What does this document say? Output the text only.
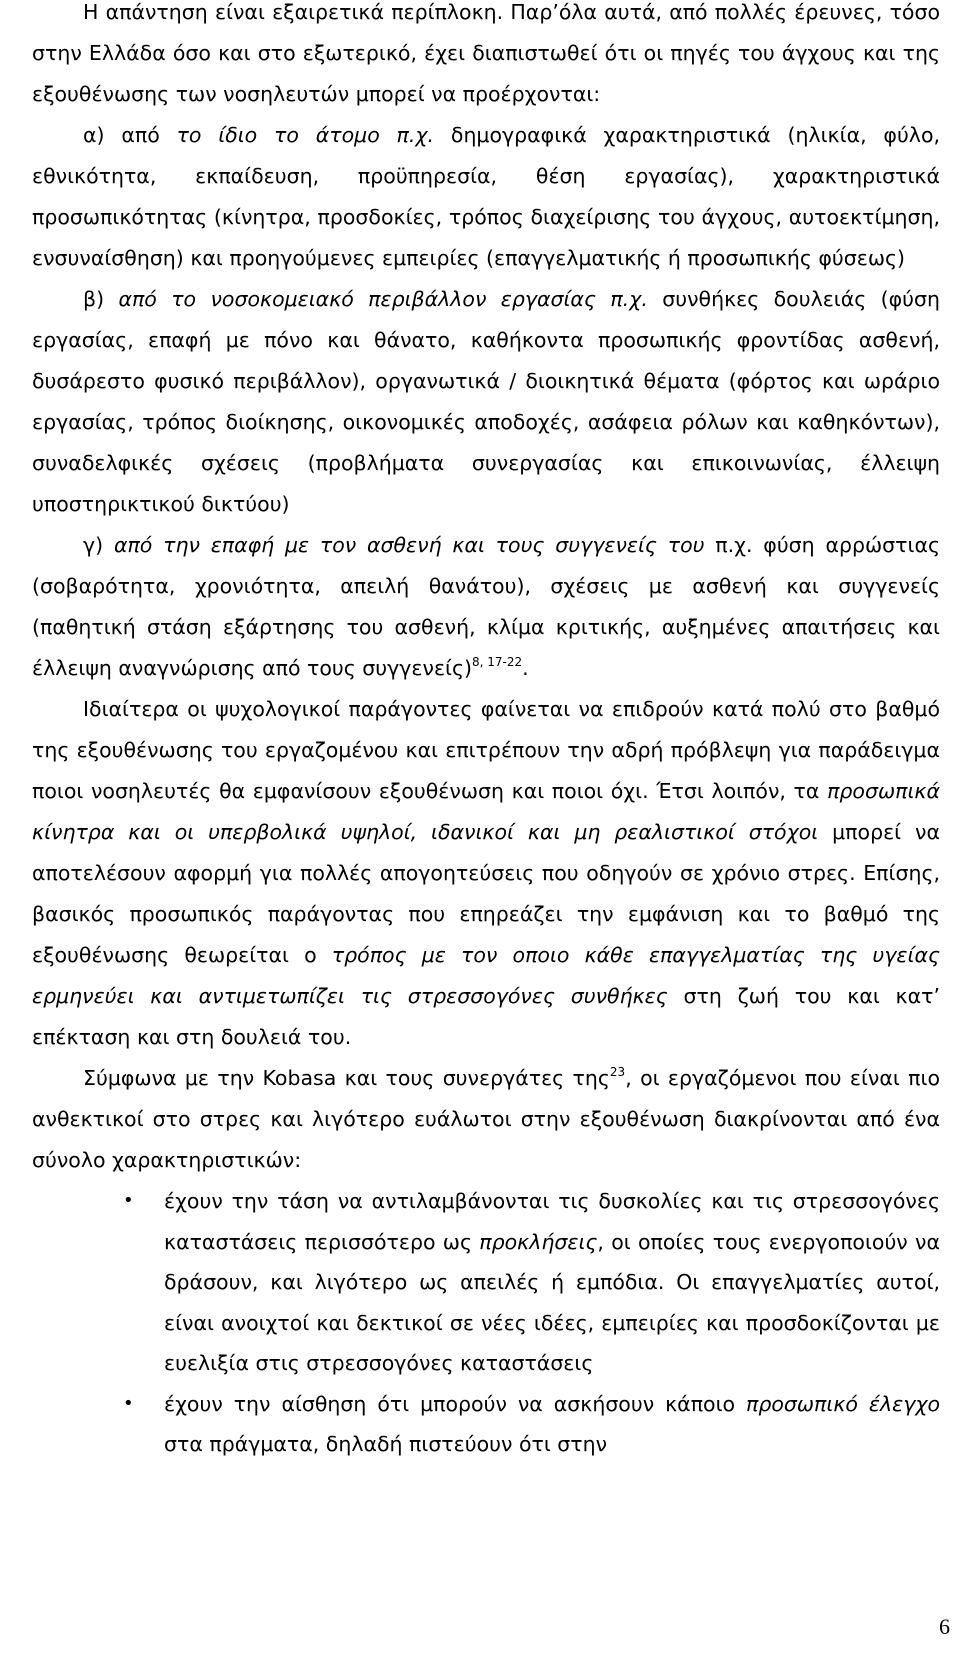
Η απάντηση είναι εξαιρετικά περίπλοκη. Παρ’όλα αυτά, από πολλές έρευνες, τόσο στην Ελλάδα όσο και στο εξωτερικό, έχει διαπιστωθεί ότι οι πηγές του άγχους και της εξουθένωσης των νοσηλευτών μπορεί να προέρχονται:

α) από το ίδιο το άτομο π.χ. δημογραφικά χαρακτηριστικά (ηλικία, φύλο, εθνικότητα, εκπαίδευση, προϋπηρεσία, θέση εργασίας), χαρακτηριστικά προσωπικότητας (κίνητρα, προσδοκίες, τρόπος διαχείρισης του άγχους, αυτοεκτίμηση, ενσυναίσθηση) και προηγούμενες εμπειρίες (επαγγελματικής ή προσωπικής φύσεως)

β) από το νοσοκομειακό περιβάλλον εργασίας π.χ. συνθήκες δουλειάς (φύση εργασίας, επαφή με πόνο και θάνατο, καθήκοντα προσωπικής φροντίδας ασθενή, δυσάρεστο φυσικό περιβάλλον), οργανωτικά / διοικητικά θέματα (φόρτος και ωράριο εργασίας, τρόπος διοίκησης, οικονομικές αποδοχές, ασάφεια ρόλων και καθηκόντων), συναδελφικές σχέσεις (προβλήματα συνεργασίας και επικοινωνίας, έλλειψη υποστηρικτικού δικτύου)

γ) από την επαφή με τον ασθενή και τους συγγενείς του π.χ. φύση αρρώστιας (σοβαρότητα, χρονιότητα, απειλή θανάτου), σχέσεις με ασθενή και συγγενείς (παθητική στάση εξάρτησης του ασθενή, κλίμα κριτικής, αυξημένες απαιτήσεις και έλλειψη αναγνώρισης από τους συγγενείς)$^{8, 17-22}$.

Ιδιαίτερα οι ψυχολογικοί παράγοντες φαίνεται να επιδρούν κατά πολύ στο βαθμό της εξουθένωσης του εργαζομένου και επιτρέπουν την αδρή πρόβλεψη για παράδειγμα ποιοι νοσηλευτές θα εμφανίσουν εξουθένωση και ποιοι όχι. Έτσι λοιπόν, τα προσωπικά κίνητρα και οι υπερβολικά υψηλοί, ιδανικοί και μη ρεαλιστικοί στόχοι μπορεί να αποτελέσουν αφορμή για πολλές απογοητεύσεις που οδηγούν σε χρόνιο στρες. Επίσης, βασικός προσωπικός παράγοντας που επηρεάζει την εμφάνιση και το βαθμό της εξουθένωσης θεωρείται ο τρόπος με τον οποιο κάθε επαγγελματίας της υγείας ερμηνεύει και αντιμετωπίζει τις στρεσσογόνες συνθήκες στη ζωή του και κατ’ επέκταση και στη δουλειά του.

Σύμφωνα με την Kobasa και τους συνεργάτες της$^{23}$, οι εργαζόμενοι που είναι πιο ανθεκτικοί στο στρες και λιγότερο ευάλωτοι στην εξουθένωση διακρίνονται από ένα σύνολο χαρακτηριστικών:

• έχουν την τάση να αντιλαμβάνονται τις δυσκολίες και τις στρεσσογόνες καταστάσεις περισσότερο ως προκλήσεις, οι οποίες τους ενεργοποιούν να δράσουν, και λιγότερο ως απειλές ή εμπόδια. Οι επαγγελματίες αυτοί, είναι ανοιχτοί και δεκτικοί σε νέες ιδέες, εμπειρίες και προσδοκίζονται με ευελιξία στις στρεσσογόνες καταστάσεις
• έχουν την αίσθηση ότι μπορούν να ασκήσουν κάποιο προσωπικό έλεγχο στα πράγματα, δηλαδή πιστεύουν ότι στην
6
